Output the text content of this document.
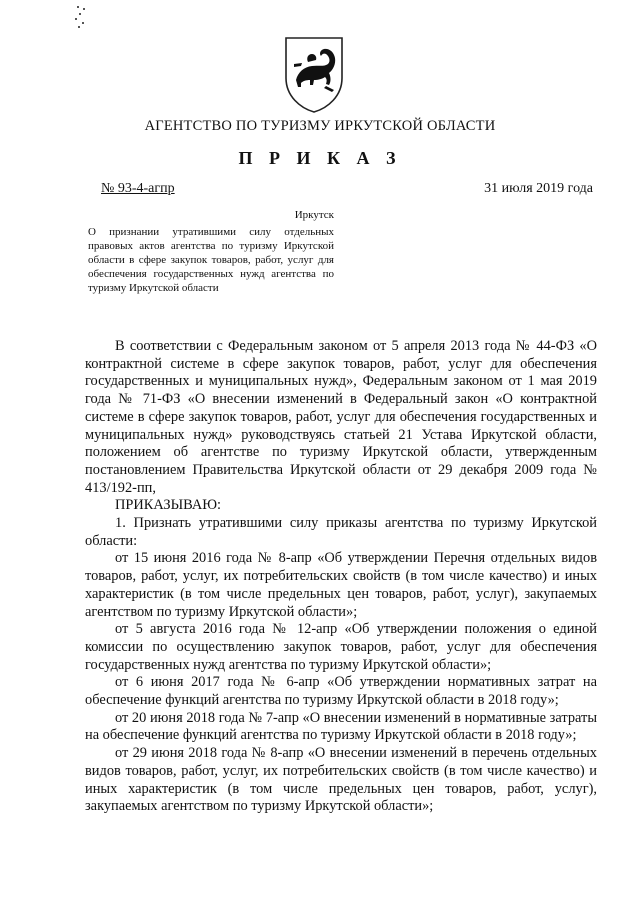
АГЕНТСТВО ПО ТУРИЗМУ ИРКУТСКОЙ ОБЛАСТИ
П Р И К А З
№ 93-4-агпр	31 июля 2019 года
Иркутск
О признании утратившими силу отдельных правовых актов агентства по туризму Иркутской области в сфере закупок товаров, работ, услуг для обеспечения государственных нужд агентства по туризму Иркутской области

В соответствии с Федеральным законом от 5 апреля 2013 года № 44-ФЗ «О контрактной системе в сфере закупок товаров, работ, услуг для обеспечения государственных и муниципальных нужд», Федеральным законом от 1 мая 2019 года № 71-ФЗ «О внесении изменений в Федеральный закон «О контрактной системе в сфере закупок товаров, работ, услуг для обеспечения государственных и муниципальных нужд» руководствуясь статьей 21 Устава Иркутской области, положением об агентстве по туризму Иркутской области, утвержденным постановлением Правительства Иркутской области от 29 декабря 2009 года № 413/192-пп,

ПРИКАЗЫВАЮ:

1. Признать утратившими силу приказы агентства по туризму Иркутской области:

от 15 июня 2016 года № 8-апр «Об утверждении Перечня отдельных видов товаров, работ, услуг, их потребительских свойств (в том числе качество) и иных характеристик (в том числе предельных цен товаров, работ, услуг), закупаемых агентством по туризму Иркутской области»;

от 5 августа 2016 года № 12-апр «Об утверждении положения о единой комиссии по осуществлению закупок товаров, работ, услуг для обеспечения государственных нужд агентства по туризму Иркутской области»;

от 6 июня 2017 года № 6-апр «Об утверждении нормативных затрат на обеспечение функций агентства по туризму Иркутской области в 2018 году»;

от 20 июня 2018 года № 7-апр «О внесении изменений в нормативные затраты на обеспечение функций агентства по туризму Иркутской области в 2018 году»;

от 29 июня 2018 года № 8-апр «О внесении изменений в перечень отдельных видов товаров, работ, услуг, их потребительских свойств (в том числе качество) и иных характеристик (в том числе предельных цен товаров, работ, услуг), закупаемых агентством по туризму Иркутской области»;
